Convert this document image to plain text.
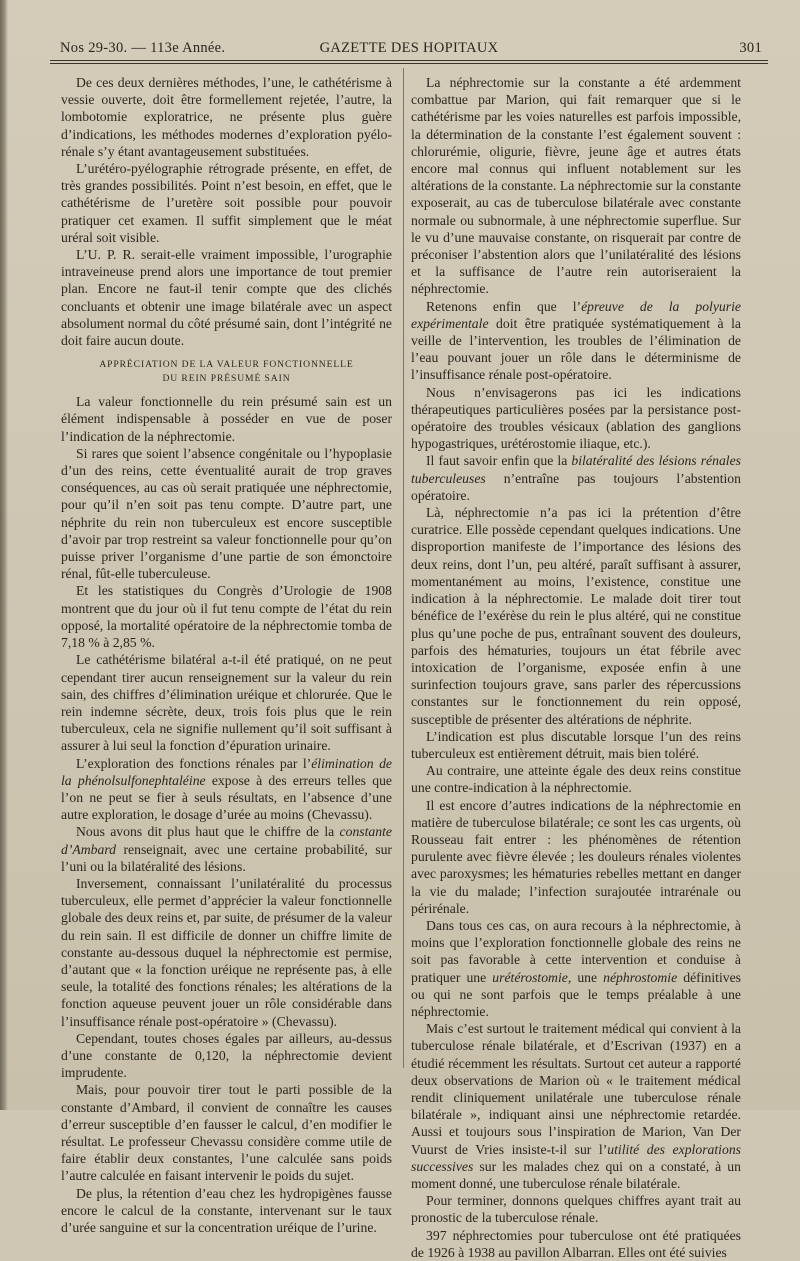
Nos 29-30. — 113e Année.	GAZETTE DES HOPITAUX	301

De ces deux dernières méthodes, l’une, le cathétérisme à vessie ouverte, doit être formellement rejetée, l’autre, la lombotomie exploratrice, ne présente plus guère d’indications, les méthodes modernes d’exploration pyélo-rénale s’y étant avantageusement substituées.

L’urétéro-pyélographie rétrograde présente, en effet, de très grandes possibilités. Point n’est besoin, en effet, que le cathétérisme de l’uretère soit possible pour pouvoir pratiquer cet examen. Il suffit simplement que le méat uréral soit visible.

L’U. P. R. serait-elle vraiment impossible, l’urographie intraveineuse prend alors une importance de tout premier plan. Encore ne faut-il tenir compte que des clichés concluants et obtenir une image bilatérale avec un aspect absolument normal du côté présumé sain, dont l’intégrité ne doit faire aucun doute.

APPRÉCIATION DE LA VALEUR FONCTIONNELLE
DU REIN PRÉSUMÉ SAIN

La valeur fonctionnelle du rein présumé sain est un élément indispensable à posséder en vue de poser l’indication de la néphrectomie.

Si rares que soient l’absence congénitale ou l’hypoplasie d’un des reins, cette éventualité aurait de trop graves conséquences, au cas où serait pratiquée une néphrectomie, pour qu’il n’en soit pas tenu compte. D’autre part, une néphrite du rein non tuberculeux est encore susceptible d’avoir par trop restreint sa valeur fonctionnelle pour qu’on puisse priver l’organisme d’une partie de son émonctoire rénal, fût-elle tuberculeuse.

Et les statistiques du Congrès d’Urologie de 1908 montrent que du jour où il fut tenu compte de l’état du rein opposé, la mortalité opératoire de la néphrectomie tomba de 7,18 % à 2,85 %.

Le cathétérisme bilatéral a-t-il été pratiqué, on ne peut cependant tirer aucun renseignement sur la valeur du rein sain, des chiffres d’élimination uréique et chlorurée. Que le rein indemne sécrète, deux, trois fois plus que le rein tuberculeux, cela ne signifie nullement qu’il soit suffisant à assurer à lui seul la fonction d’épuration urinaire.

L’exploration des fonctions rénales par l’élimination de la phénolsulfonephtaléine expose à des erreurs telles que l’on ne peut se fier à seuls résultats, en l’absence d’une autre exploration, le dosage d’urée au moins (Chevassu).

Nous avons dit plus haut que le chiffre de la constante d’Ambard renseignait, avec une certaine probabilité, sur l’uni ou la bilatéralité des lésions.

Inversement, connaissant l’unilatéralité du processus tuberculeux, elle permet d’apprécier la valeur fonctionnelle globale des deux reins et, par suite, de présumer de la valeur du rein sain. Il est difficile de donner un chiffre limite de constante au-dessous duquel la néphrectomie est permise, d’autant que « la fonction uréique ne représente pas, à elle seule, la totalité des fonctions rénales; les altérations de la fonction aqueuse peuvent jouer un rôle considérable dans l’insuffisance rénale post-opératoire » (Chevassu).

Cependant, toutes choses égales par ailleurs, au-dessus d’une constante de 0,120, la néphrectomie devient imprudente.

Mais, pour pouvoir tirer tout le parti possible de la constante d’Ambard, il convient de connaître les causes d’erreur susceptible d’en fausser le calcul, d’en modifier le résultat. Le professeur Chevassu considère comme utile de faire établir deux constantes, l’une calculée sans poids l’autre calculée en faisant intervenir le poids du sujet.

De plus, la rétention d’eau chez les hydropigènes fausse encore le calcul de la constante, intervenant sur le taux d’urée sanguine et sur la concentration uréique de l’urine.

La néphrectomie sur la constante a été ardemment combattue par Marion, qui fait remarquer que si le cathétérisme par les voies naturelles est parfois impossible, la détermination de la constante l’est également souvent : chlorurémie, oligurie, fièvre, jeune âge et autres états encore mal connus qui influent notablement sur les altérations de la constante. La néphrectomie sur la constante exposerait, au cas de tuberculose bilatérale avec constante normale ou subnormale, à une néphrectomie superflue. Sur le vu d’une mauvaise constante, on risquerait par contre de préconiser l’abstention alors que l’unilatéralité des lésions et la suffisance de l’autre rein autoriseraient la néphrectomie.

Retenons enfin que l’épreuve de la polyurie expérimentale doit être pratiquée systématiquement à la veille de l’intervention, les troubles de l’élimination de l’eau pouvant jouer un rôle dans le déterminisme de l’insuffisance rénale post-opératoire.

Nous n’envisagerons pas ici les indications thérapeutiques particulières posées par la persistance post-opératoire des troubles vésicaux (ablation des ganglions hypogastriques, urétérostomie iliaque, etc.).

Il faut savoir enfin que la bilatéralité des lésions rénales tuberculeuses n’entraîne pas toujours l’abstention opératoire.

Là, néphrectomie n’a pas ici la prétention d’être curatrice. Elle possède cependant quelques indications. Une disproportion manifeste de l’importance des lésions des deux reins, dont l’un, peu altéré, paraît suffisant à assurer, momentanément au moins, l’existence, constitue une indication à la néphrectomie. Le malade doit tirer tout bénéfice de l’exérèse du rein le plus altéré, qui ne constitue plus qu’une poche de pus, entraînant souvent des douleurs, parfois des hématuries, toujours un état fébrile avec intoxication de l’organisme, exposée enfin à une surinfection toujours grave, sans parler des répercussions constantes sur le fonctionnement du rein opposé, susceptible de présenter des altérations de néphrite.

L’indication est plus discutable lorsque l’un des reins tuberculeux est entièrement détruit, mais bien toléré.

Au contraire, une atteinte égale des deux reins constitue une contre-indication à la néphrectomie.

Il est encore d’autres indications de la néphrectomie en matière de tuberculose bilatérale; ce sont les cas urgents, où Rousseau fait entrer : les phénomènes de rétention purulente avec fièvre élevée ; les douleurs rénales violentes avec paroxysmes; les hématuries rebelles mettant en danger la vie du malade; l’infection surajoutée intrarénale ou périrénale.

Dans tous ces cas, on aura recours à la néphrectomie, à moins que l’exploration fonctionnelle globale des reins ne soit pas favorable à cette intervention et conduise à pratiquer une urétérostomie, une néphrostomie définitives ou qui ne sont parfois que le temps préalable à une néphrectomie.

Mais c’est surtout le traitement médical qui convient à la tuberculose rénale bilatérale, et d’Escrivan (1937) en a étudié récemment les résultats. Surtout cet auteur a rapporté deux observations de Marion où « le traitement médical rendit cliniquement unilatérale une tuberculose rénale bilatérale », indiquant ainsi une néphrectomie retardée. Aussi et toujours sous l’inspiration de Marion, Van Der Vuurst de Vries insiste-t-il sur l’utilité des explorations successives sur les malades chez qui on a constaté, à un moment donné, une tuberculose rénale bilatérale.

Pour terminer, donnons quelques chiffres ayant trait au pronostic de la tuberculose rénale.

397 néphrectomies pour tuberculose ont été pratiquées de 1926 à 1938 au pavillon Albarran. Elles ont été suivies
